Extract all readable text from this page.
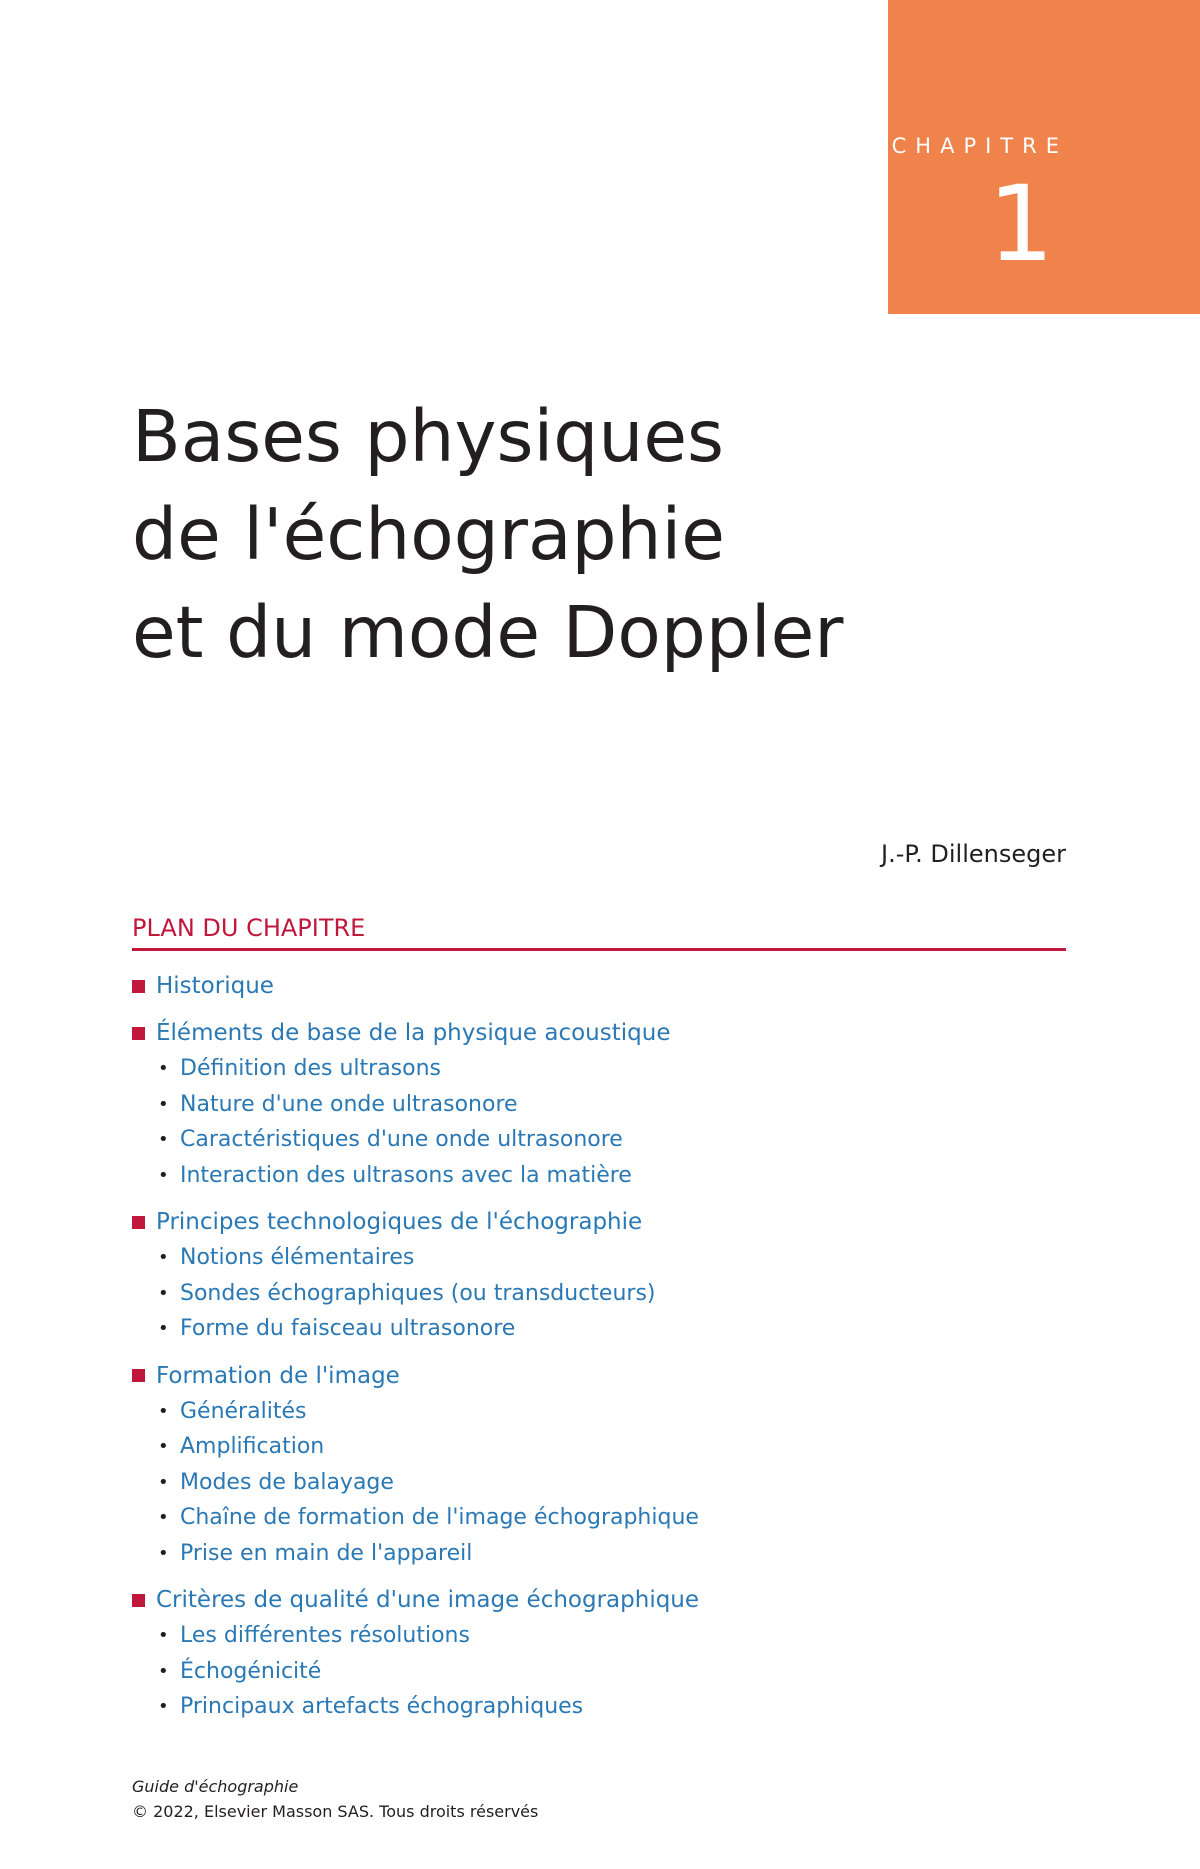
CHAPITRE
1
Bases physiques
de l'échographie
et du mode Doppler
J.-P. Dillenseger
PLAN DU CHAPITRE
Historique
Éléments de base de la physique acoustique
• Définition des ultrasons
• Nature d'une onde ultrasonore
• Caractéristiques d'une onde ultrasonore
• Interaction des ultrasons avec la matière
Principes technologiques de l'échographie
• Notions élémentaires
• Sondes échographiques (ou transducteurs)
• Forme du faisceau ultrasonore
Formation de l'image
• Généralités
• Amplification
• Modes de balayage
• Chaîne de formation de l'image échographique
• Prise en main de l'appareil
Critères de qualité d'une image échographique
• Les différentes résolutions
• Échogénicité
• Principaux artefacts échographiques
Guide d'échographie
© 2022, Elsevier Masson SAS. Tous droits réservés
